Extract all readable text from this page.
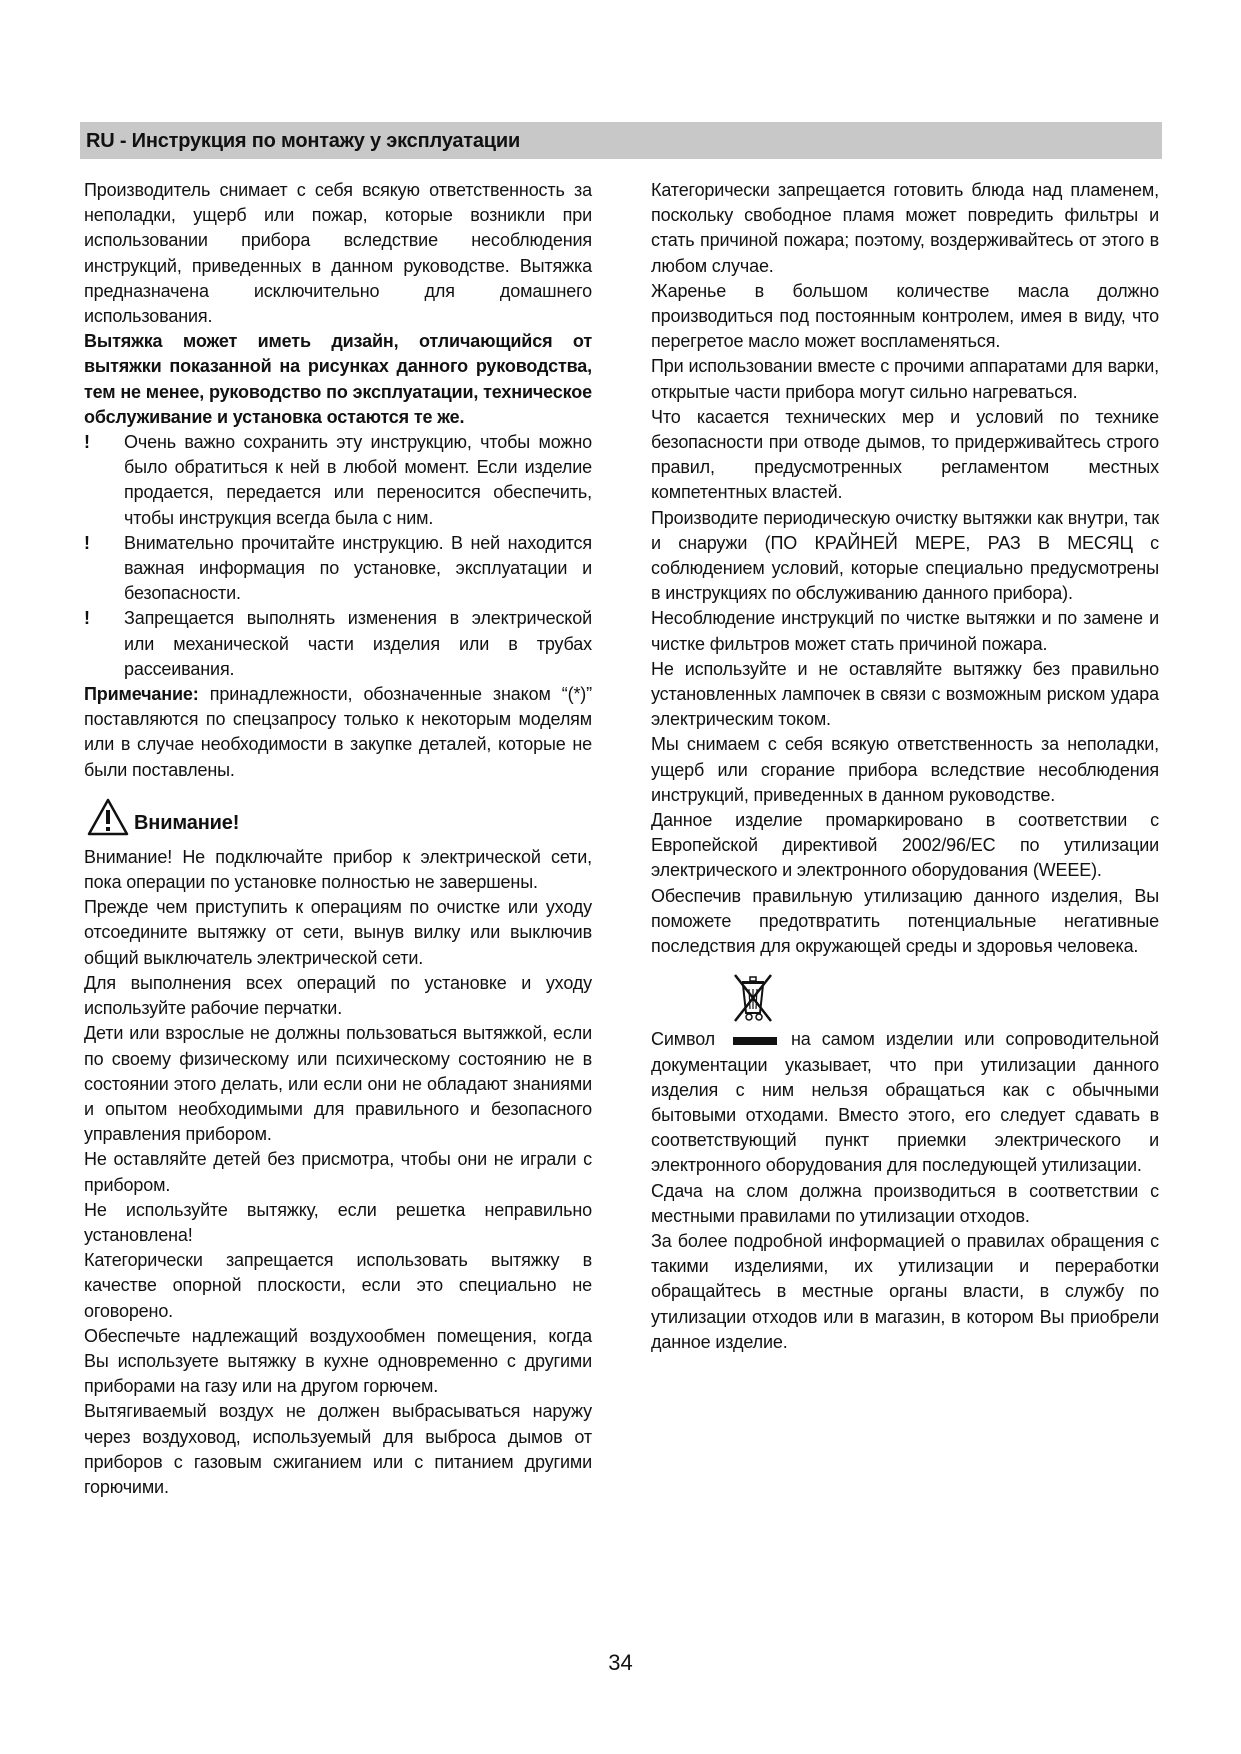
RU - Инструкция по монтажу у эксплуатации

Производитель снимает с себя всякую ответственность за неполадки, ущерб или пожар, которые возникли при использовании прибора вследствие несоблюдения инструкций, приведенных в данном руководстве. Вытяжка предназначена исключительно для домашнего использования.

Вытяжка может иметь дизайн, отличающийся от вытяжки показанной на рисунках данного руководства, тем не менее, руководство по эксплуатации, техническое обслуживание и установка остаются те же.

! Очень важно сохранить эту инструкцию, чтобы можно было обратиться к ней в любой момент. Если изделие продается, передается или переносится обеспечить, чтобы инструкция всегда была с ним.
! Внимательно прочитайте инструкцию. В ней находится важная информация по установке, эксплуатации и безопасности.
! Запрещается выполнять изменения в электрической или механической части изделия или в трубах рассеивания.

Примечание: принадлежности, обозначенные знаком “(*)” поставляются по спецзапросу только к некоторым моделям или в случае необходимости в закупке деталей, которые не были поставлены.

Внимание!

Внимание! Не подключайте прибор к электрической сети, пока операции по установке полностью не завершены.

Прежде чем приступить к операциям по очистке или уходу отсоедините вытяжку от сети, вынув вилку или выключив общий выключатель электрической сети.

Для выполнения всех операций по установке и уходу используйте рабочие перчатки.

Дети или взрослые не должны пользоваться вытяжкой, если по своему физическому или психическому состоянию не в состоянии этого делать, или если они не обладают знаниями и опытом необходимыми для правильного и безопасного управления прибором.

Не оставляйте детей без присмотра, чтобы они не играли с прибором.

Не используйте вытяжку, если решетка неправильно установлена!

Категорически запрещается использовать вытяжку в качестве опорной плоскости, если это специально не оговорено.

Обеспечьте надлежащий воздухообмен помещения, когда Вы используете вытяжку в кухне одновременно с другими приборами на газу или на другом горючем.

Вытягиваемый воздух не должен выбрасываться наружу через воздуховод, используемый для выброса дымов от приборов с газовым сжиганием или с питанием другими горючими.

Категорически запрещается готовить блюда над пламенем, поскольку свободное пламя может повредить фильтры и стать причиной пожара; поэтому, воздерживайтесь от этого в любом случае.

Жаренье в большом количестве масла должно производиться под постоянным контролем, имея в виду, что перегретое масло может воспламеняться.

При использовании вместе с прочими аппаратами для варки, открытые части прибора могут сильно нагреваться.

Что касается технических мер и условий по технике безопасности при отводе дымов, то придерживайтесь строго правил, предусмотренных регламентом местных компетентных властей.

Производите периодическую очистку вытяжки как внутри, так и снаружи (ПО КРАЙНЕЙ МЕРЕ, РАЗ В МЕСЯЦ с соблюдением условий, которые специально предусмотрены в инструкциях по обслуживанию данного прибора).

Несоблюдение инструкций по чистке вытяжки и по замене и чистке фильтров может стать причиной пожара.

Не используйте и не оставляйте вытяжку без правильно установленных лампочек в связи с возможным риском удара электрическим током.

Мы снимаем с себя всякую ответственность за неполадки, ущерб или сгорание прибора вследствие несоблюдения инструкций, приведенных в данном руководстве.

Данное изделие промаркировано в соответствии с Европейской директивой 2002/96/EC по утилизации электрического и электронного оборудования (WEEE).

Обеспечив правильную утилизацию данного изделия, Вы поможете предотвратить потенциальные негативные последствия для окружающей среды и здоровья человека.

Символ	на самом изделии или сопроводительной документации указывает, что при утилизации данного изделия с ним нельзя обращаться как с обычными бытовыми отходами. Вместо этого, его следует сдавать в соответствующий пункт приемки электрического и электронного оборудования для последующей утилизации.

Сдача на слом должна производиться в соответствии с местными правилами по утилизации отходов.

За более подробной информацией о правилах обращения с такими изделиями, их утилизации и переработки обращайтесь в местные органы власти, в службу по утилизации отходов или в магазин, в котором Вы приобрели данное изделие.

34
